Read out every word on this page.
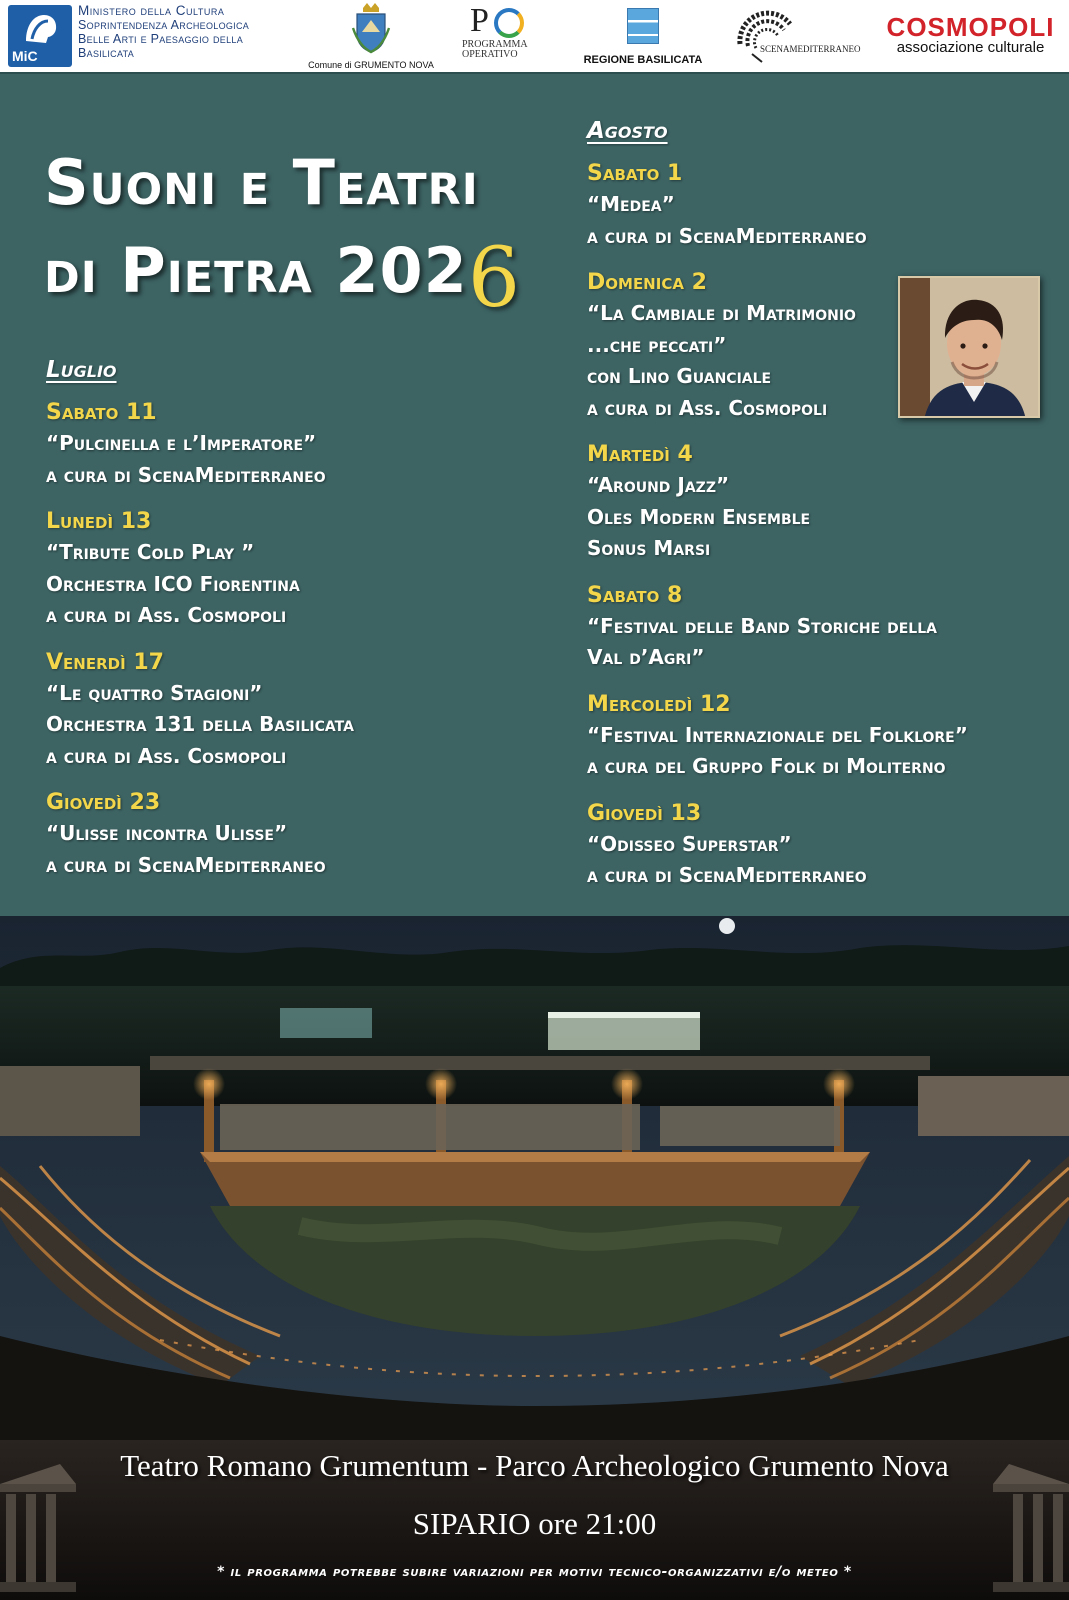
MiC
Ministero della Cultura
Soprintendenza Archeologica
Belle Arti e Paesaggio della
Basilicata
Comune di GRUMENTO NOVA
P
PROGRAMMA
OPERATIVO	REGIONE BASILICATA
SCENAMEDITERRANEO
COSMOPOLI
associazione culturale
Suoni e Teatri
di Pietra 2026
Luglio
Sabato 11
“Pulcinella e l’Imperatore”
a cura di ScenaMediterraneo
Lunedì 13
“Tribute Cold Play ”
Orchestra ICO Fiorentina
a cura di Ass. Cosmopoli
Venerdì 17
“Le quattro Stagioni”
Orchestra 131 della Basilicata
a cura di Ass. Cosmopoli
Giovedì 23
“Ulisse incontra Ulisse”
a cura di ScenaMediterraneo
Agosto
Sabato 1
“Medea”
a cura di ScenaMediterraneo
Domenica 2
“La Cambiale di Matrimonio
...che peccati”
con Lino Guanciale
a cura di Ass. Cosmopoli
Martedì 4
“Around Jazz”
Oles Modern Ensemble
Sonus Marsi
Sabato 8
“Festival delle Band Storiche della
Val d’Agri”
Mercoledì 12
“Festival Internazionale del Folklore”
a cura del Gruppo Folk di Moliterno
Giovedì 13
“Odisseo Superstar”
a cura di ScenaMediterraneo
Teatro Romano Grumentum - Parco Archeologico Grumento Nova
SIPARIO ore 21:00
* il programma potrebbe subire variazioni per motivi tecnico-organizzativi e/o meteo *
